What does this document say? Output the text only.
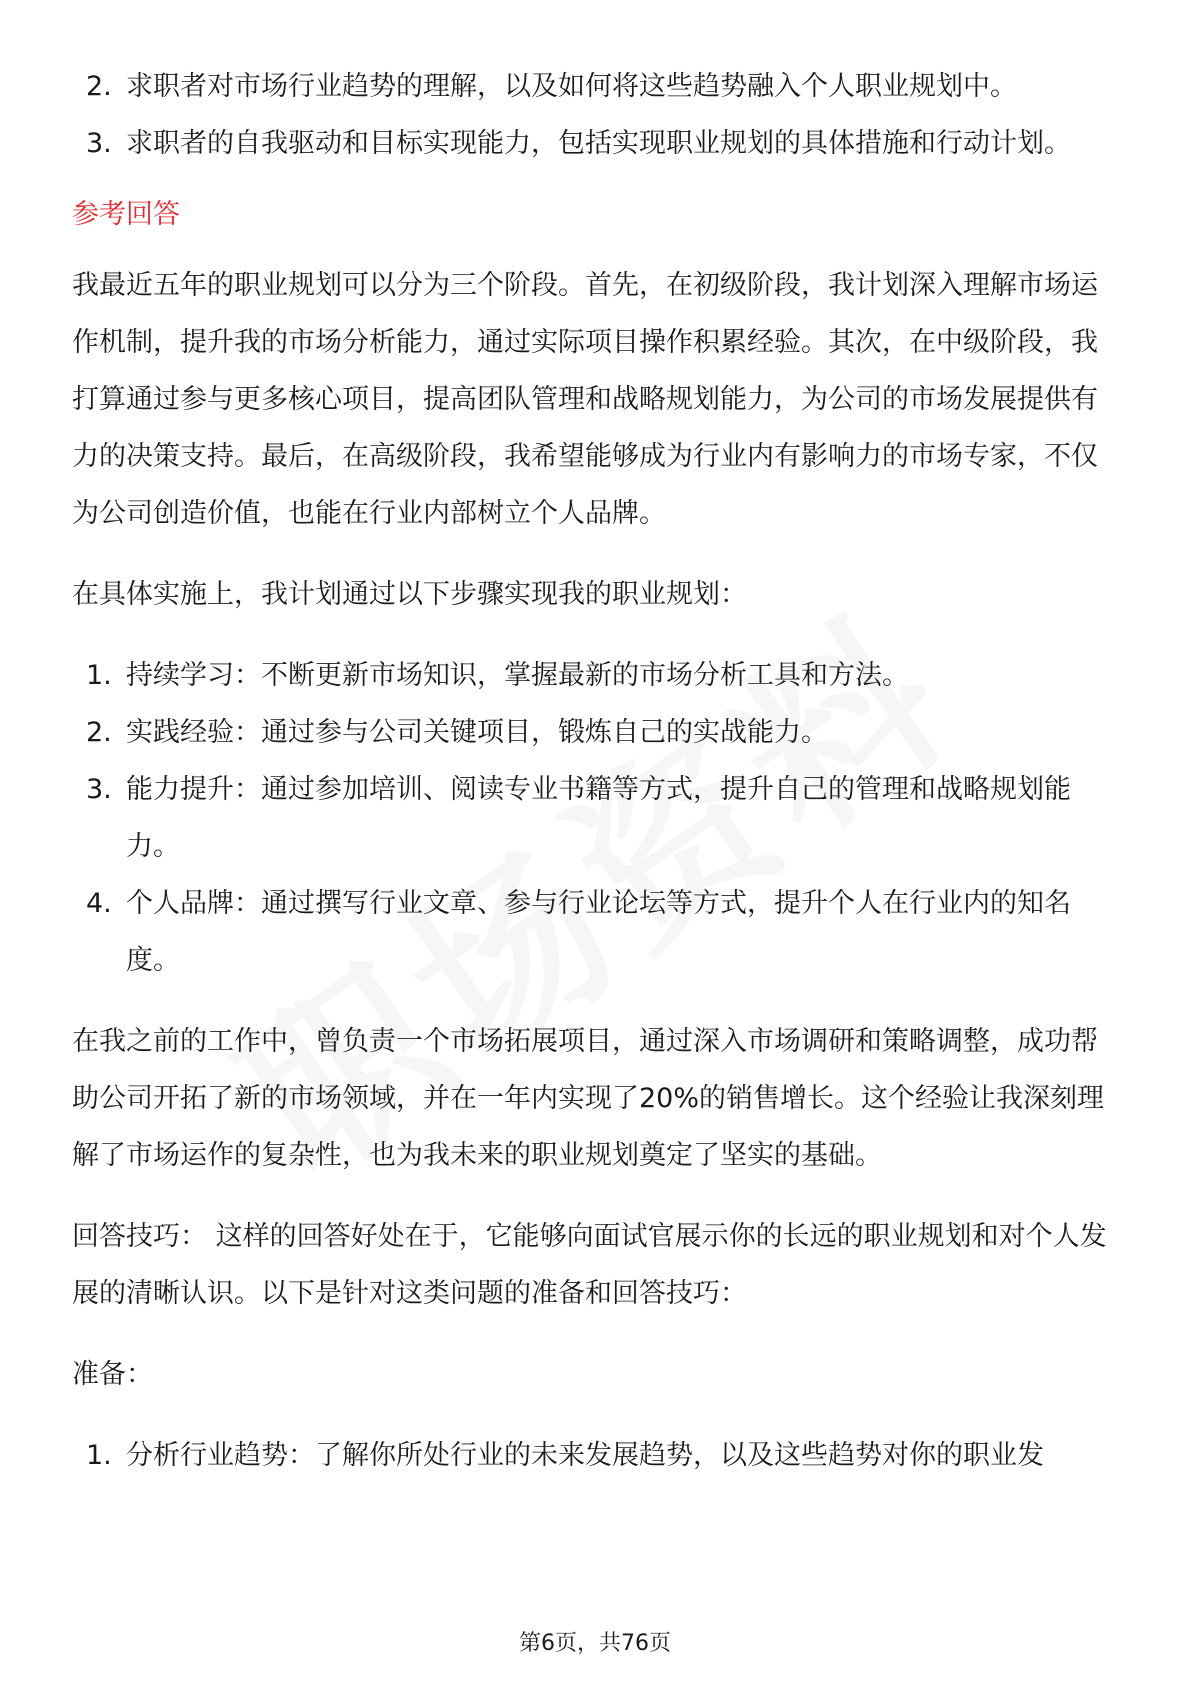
2. 求职者对市场行业趋势的理解，以及如何将这些趋势融入个人职业规划中。
3. 求职者的自我驱动和目标实现能力，包括实现职业规划的具体措施和行动计划。

参考回答

我最近五年的职业规划可以分为三个阶段。首先，在初级阶段，我计划深入理解市场运作机制，提升我的市场分析能力，通过实际项目操作积累经验。其次，在中级阶段，我打算通过参与更多核心项目，提高团队管理和战略规划能力，为公司的市场发展提供有力的决策支持。最后，在高级阶段，我希望能够成为行业内有影响力的市场专家，不仅为公司创造价值，也能在行业内部树立个人品牌。

在具体实施上，我计划通过以下步骤实现我的职业规划：

1. 持续学习：不断更新市场知识，掌握最新的市场分析工具和方法。
2. 实践经验：通过参与公司关键项目，锻炼自己的实战能力。
3. 能力提升：通过参加培训、阅读专业书籍等方式，提升自己的管理和战略规划能力。
4. 个人品牌：通过撰写行业文章、参与行业论坛等方式，提升个人在行业内的知名度。

在我之前的工作中，曾负责一个市场拓展项目，通过深入市场调研和策略调整，成功帮助公司开拓了新的市场领域，并在一年内实现了20%的销售增长。这个经验让我深刻理解了市场运作的复杂性，也为我未来的职业规划奠定了坚实的基础。

回答技巧： 这样的回答好处在于，它能够向面试官展示你的长远的职业规划和对个人发展的清晰认识。以下是针对这类问题的准备和回答技巧：

准备：

1. 分析行业趋势：了解你所处行业的未来发展趋势，以及这些趋势对你的职业发
第6页，共76页
